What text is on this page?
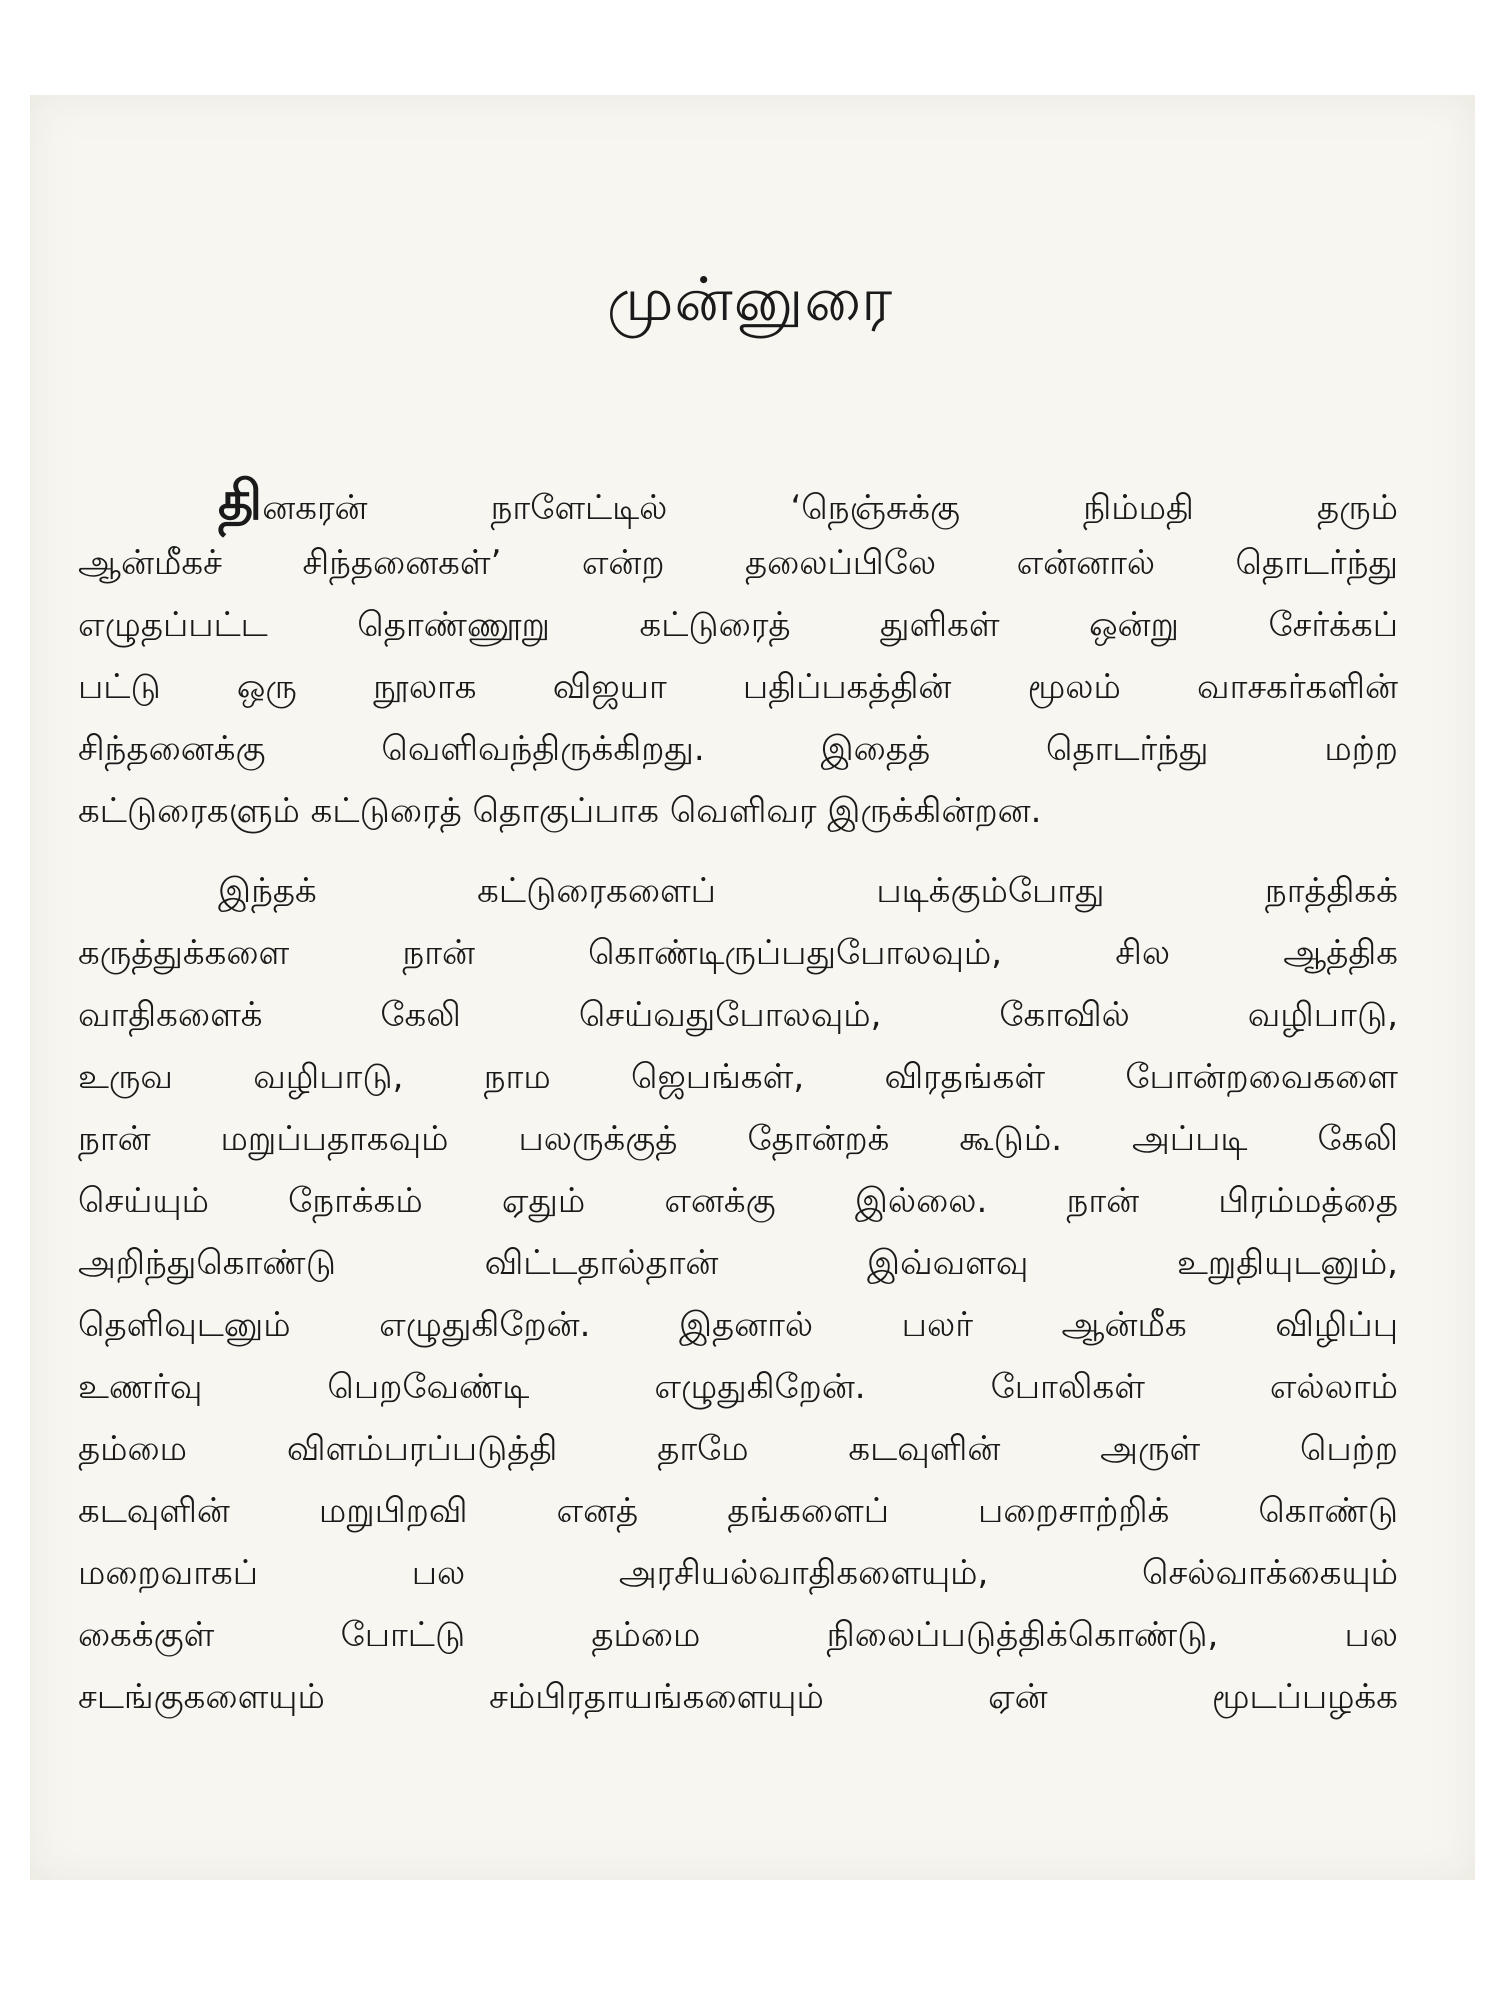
முன்னுரை
தினகரன் நாளேட்டில் ‘நெஞ்சுக்கு நிம்மதி தரும்
ஆன்மீகச் சிந்தனைகள்’ என்ற தலைப்பிலே என்னால் தொடர்ந்து
எழுதப்பட்ட தொண்ணூறு கட்டுரைத் துளிகள் ஒன்று சேர்க்கப்
பட்டு ஒரு நூலாக விஜயா பதிப்பகத்தின் மூலம் வாசகர்களின்
சிந்தனைக்கு வெளிவந்திருக்கிறது. இதைத் தொடர்ந்து மற்ற
கட்டுரைகளும் கட்டுரைத் தொகுப்பாக வெளிவர இருக்கின்றன.
இந்தக் கட்டுரைகளைப் படிக்கும்போது நாத்திகக்
கருத்துக்களை நான் கொண்டிருப்பதுபோலவும், சில ஆத்திக
வாதிகளைக் கேலி செய்வதுபோலவும், கோவில் வழிபாடு,
உருவ வழிபாடு, நாம ஜெபங்கள், விரதங்கள் போன்றவைகளை
நான் மறுப்பதாகவும் பலருக்குத் தோன்றக் கூடும். அப்படி கேலி
செய்யும் நோக்கம் ஏதும் எனக்கு இல்லை. நான் பிரம்மத்தை
அறிந்துகொண்டு விட்டதால்தான் இவ்வளவு உறுதியுடனும்,
தெளிவுடனும் எழுதுகிறேன். இதனால் பலர் ஆன்மீக விழிப்பு
உணர்வு பெறவேண்டி எழுதுகிறேன். போலிகள் எல்லாம்
தம்மை விளம்பரப்படுத்தி தாமே கடவுளின் அருள் பெற்ற
கடவுளின் மறுபிறவி எனத் தங்களைப் பறைசாற்றிக் கொண்டு
மறைவாகப் பல அரசியல்வாதிகளையும், செல்வாக்கையும்
கைக்குள் போட்டு தம்மை நிலைப்படுத்திக்கொண்டு, பல
சடங்குகளையும் சம்பிரதாயங்களையும் ஏன் மூடப்பழக்க
